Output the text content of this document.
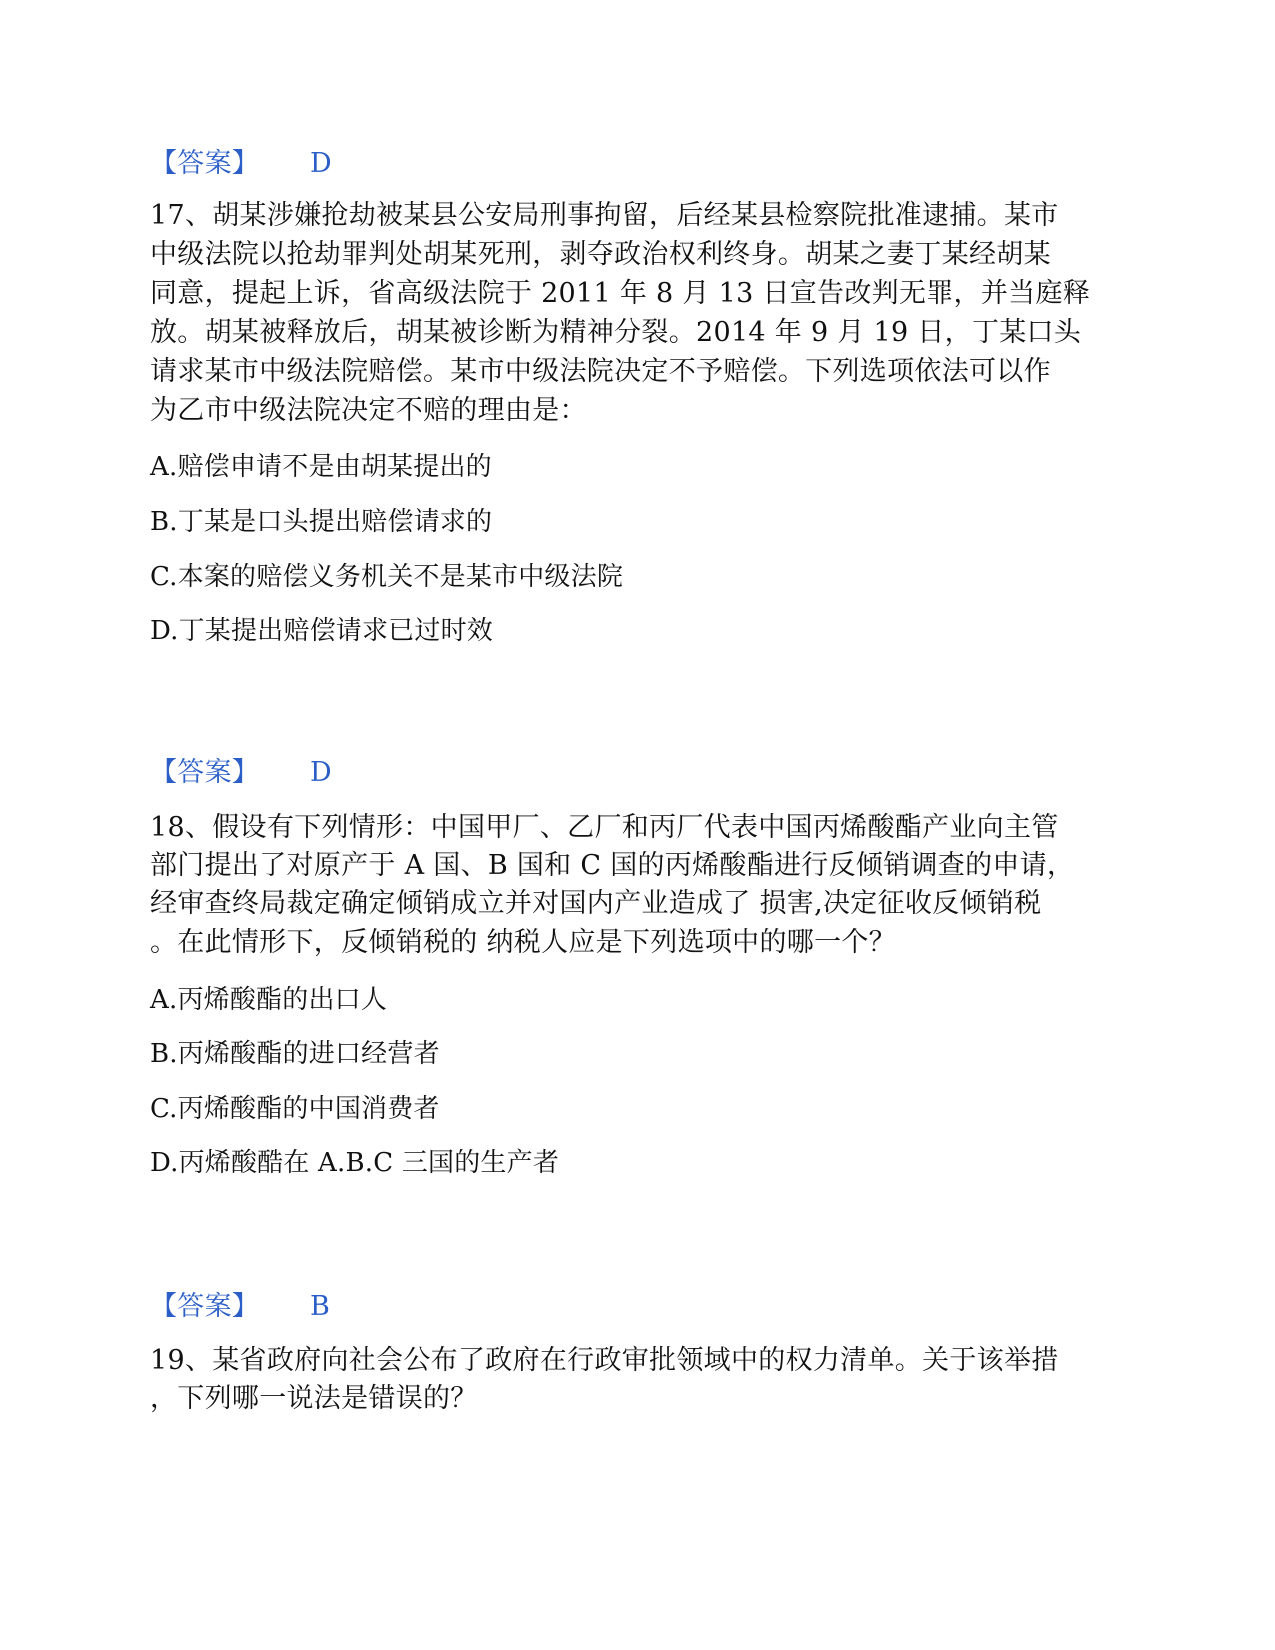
【答案】 D
17、胡某涉嫌抢劫被某县公安局刑事拘留，后经某县检察院批准逮捕。某市
中级法院以抢劫罪判处胡某死刑，剥夺政治权利终身。胡某之妻丁某经胡某
同意，提起上诉，省高级法院于 2011 年 8 月 13 日宣告改判无罪，并当庭释
放。胡某被释放后，胡某被诊断为精神分裂。2014 年 9 月 19 日，丁某口头
请求某市中级法院赔偿。某市中级法院决定不予赔偿。下列选项依法可以作
为乙市中级法院决定不赔的理由是：
A.赔偿申请不是由胡某提出的
B.丁某是口头提出赔偿请求的
C.本案的赔偿义务机关不是某市中级法院
D.丁某提出赔偿请求已过时效
【答案】 D
18、假设有下列情形：中国甲厂、乙厂和丙厂代表中国丙烯酸酯产业向主管
部门提出了对原产于 A 国、B 国和 C 国的丙烯酸酯进行反倾销调查的申请，
经审查终局裁定确定倾销成立并对国内产业造成了 损害,决定征收反倾销税
。在此情形下，反倾销税的 纳税人应是下列选项中的哪一个？
A.丙烯酸酯的出口人
B.丙烯酸酯的进口经营者
C.丙烯酸酯的中国消费者
D.丙烯酸酷在 A.B.C 三国的生产者
【答案】 B
19、某省政府向社会公布了政府在行政审批领域中的权力清单。关于该举措
，下列哪一说法是错误的？
